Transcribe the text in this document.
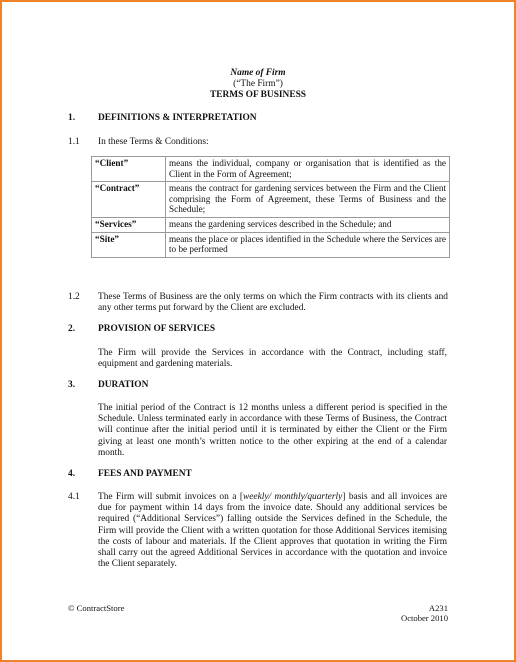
Name of Firm
(“The Firm”)
TERMS OF BUSINESS
1. DEFINITIONS & INTERPRETATION
1.1 In these Terms & Conditions:
“Client”	means the individual, company or organisation that is identified as the Client in the Form of Agreement;
“Contract”	means the contract for gardening services between the Firm and the Client comprising the Form of Agreement, these Terms of Business and the Schedule;
“Services”	means the gardening services described in the Schedule; and
“Site”	means the place or places identified in the Schedule where the Services are to be performed
1.2 These Terms of Business are the only terms on which the Firm contracts with its clients and any other terms put forward by the Client are excluded.
2. PROVISION OF SERVICES
The Firm will provide the Services in accordance with the Contract, including staff, equipment and gardening materials.
3. DURATION
The initial period of the Contract is 12 months unless a different period is specified in the Schedule. Unless terminated early in accordance with these Terms of Business, the Contract will continue after the initial period until it is terminated by either the Client or the Firm giving at least one month’s written notice to the other expiring at the end of a calendar month.
4. FEES AND PAYMENT
4.1 The Firm will submit invoices on a [weekly/ monthly/quarterly] basis and all invoices are due for payment within 14 days from the invoice date. Should any additional services be required (“Additional Services”) falling outside the Services defined in the Schedule, the Firm will provide the Client with a written quotation for those Additional Services itemising the costs of labour and materials. If the Client approves that quotation in writing the Firm shall carry out the agreed Additional Services in accordance with the quotation and invoice the Client separately.
© ContractStore	A231
October 2010
